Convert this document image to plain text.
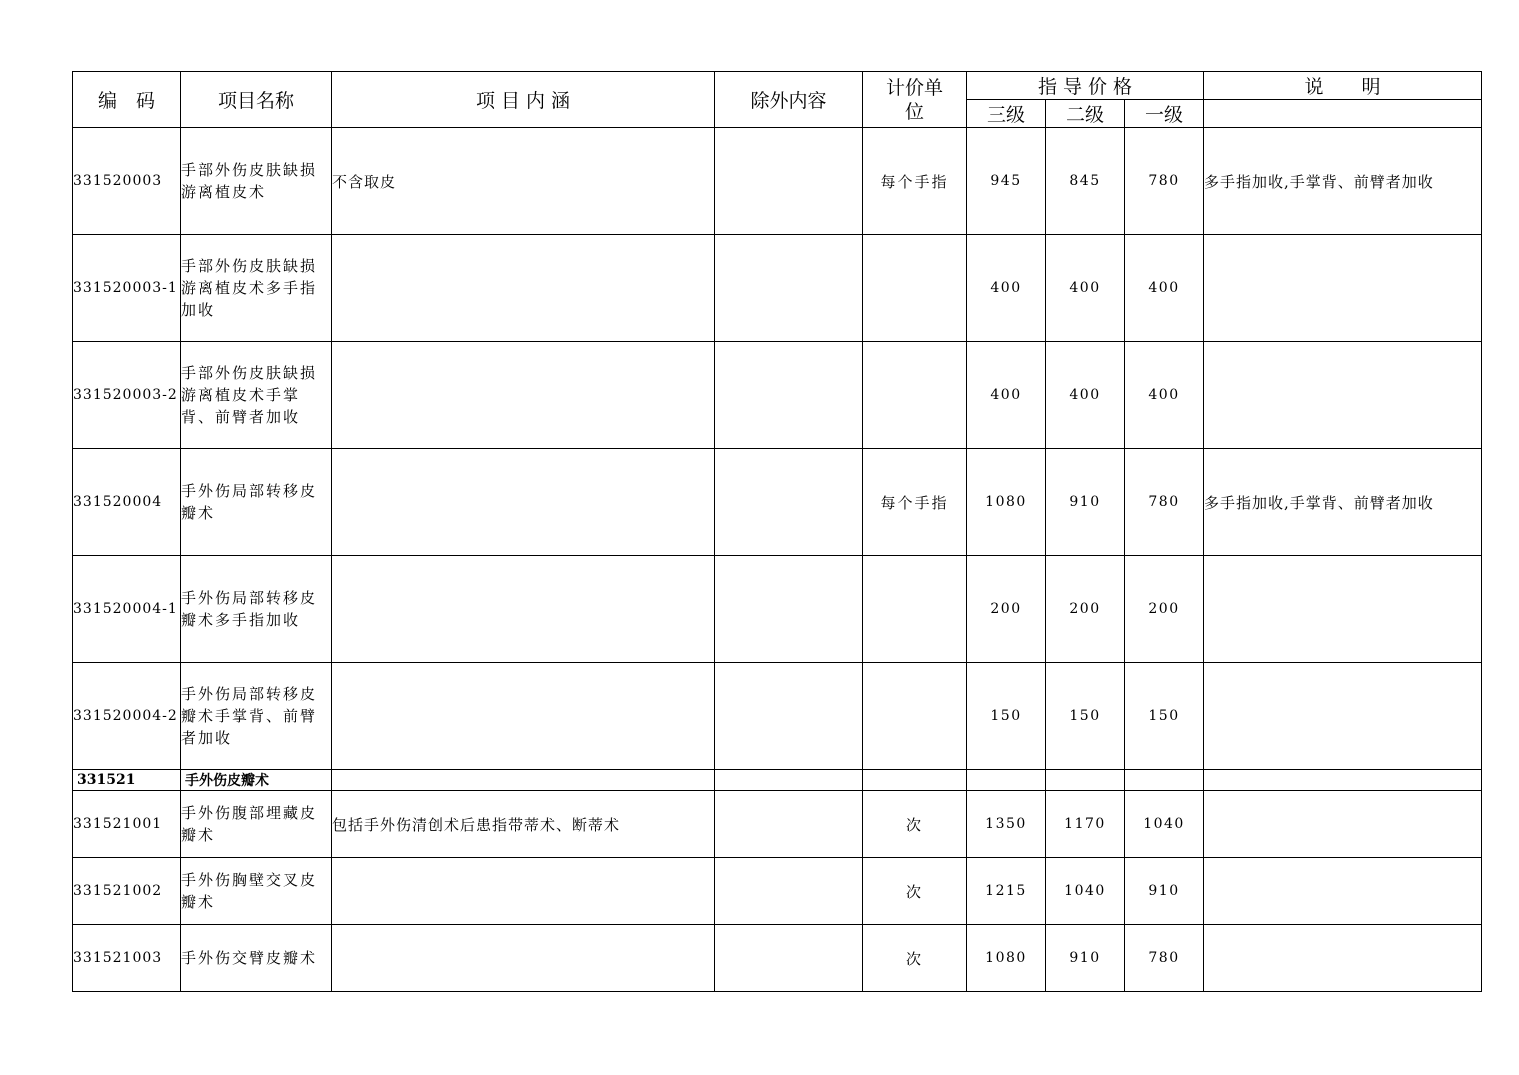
编　码	项目名称	项 目 内 涵	除外内容	计价单位	指 导 价 格			说　　明
					三级	二级	一级	
331520003	手部外伤皮肤缺损游离植皮术	不含取皮		每个手指	945	845	780	多手指加收,手掌背、前臂者加收
331520003-1	手部外伤皮肤缺损游离植皮术多手指加收				400	400	400	
331520003-2	手部外伤皮肤缺损游离植皮术手掌背、前臂者加收				400	400	400	
331520004	手外伤局部转移皮瓣术			每个手指	1080	910	780	多手指加收,手掌背、前臂者加收
331520004-1	手外伤局部转移皮瓣术多手指加收				200	200	200	
331520004-2	手外伤局部转移皮瓣术手掌背、前臂者加收				150	150	150	
331521	手外伤皮瓣术							
331521001	手外伤腹部埋藏皮瓣术	包括手外伤清创术后患指带蒂术、断蒂术		次	1350	1170	1040	
331521002	手外伤胸壁交叉皮瓣术			次	1215	1040	910	
331521003	手外伤交臂皮瓣术			次	1080	910	780	
